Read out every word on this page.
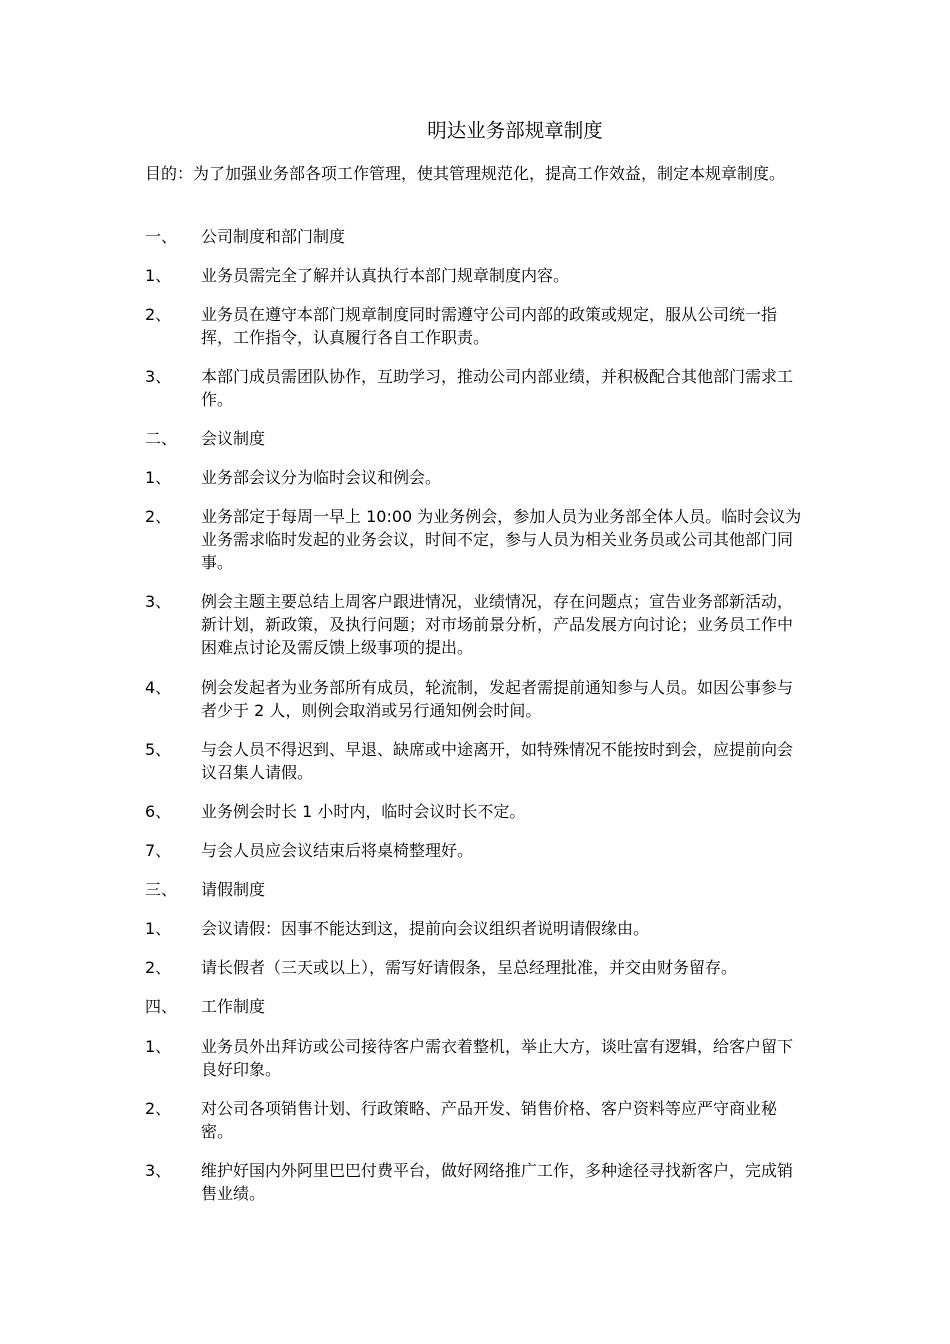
明达业务部规章制度
目的：为了加强业务部各项工作管理，使其管理规范化，提高工作效益，制定本规章制度。
一、	公司制度和部门制度
1、	业务员需完全了解并认真执行本部门规章制度内容。
2、	业务员在遵守本部门规章制度同时需遵守公司内部的政策或规定，服从公司统一指挥，工作指令，认真履行各自工作职责。
3、	本部门成员需团队协作，互助学习，推动公司内部业绩，并积极配合其他部门需求工作。
二、	会议制度
1、	业务部会议分为临时会议和例会。
2、	业务部定于每周一早上 10:00 为业务例会，参加人员为业务部全体人员。临时会议为业务需求临时发起的业务会议，时间不定，参与人员为相关业务员或公司其他部门同事。
3、	例会主题主要总结上周客户跟进情况，业绩情况，存在问题点；宣告业务部新活动，新计划，新政策，及执行问题；对市场前景分析，产品发展方向讨论；业务员工作中困难点讨论及需反馈上级事项的提出。
4、	例会发起者为业务部所有成员，轮流制，发起者需提前通知参与人员。如因公事参与者少于 2 人，则例会取消或另行通知例会时间。
5、	与会人员不得迟到、早退、缺席或中途离开，如特殊情况不能按时到会，应提前向会议召集人请假。
6、	业务例会时长 1 小时内，临时会议时长不定。
7、	与会人员应会议结束后将桌椅整理好。
三、	请假制度
1、	会议请假：因事不能达到这，提前向会议组织者说明请假缘由。
2、	请长假者（三天或以上），需写好请假条，呈总经理批准，并交由财务留存。
四、	工作制度
1、	业务员外出拜访或公司接待客户需衣着整机，举止大方，谈吐富有逻辑，给客户留下良好印象。
2、	对公司各项销售计划、行政策略、产品开发、销售价格、客户资料等应严守商业秘密。
3、	维护好国内外阿里巴巴付费平台，做好网络推广工作，多种途径寻找新客户，完成销售业绩。
